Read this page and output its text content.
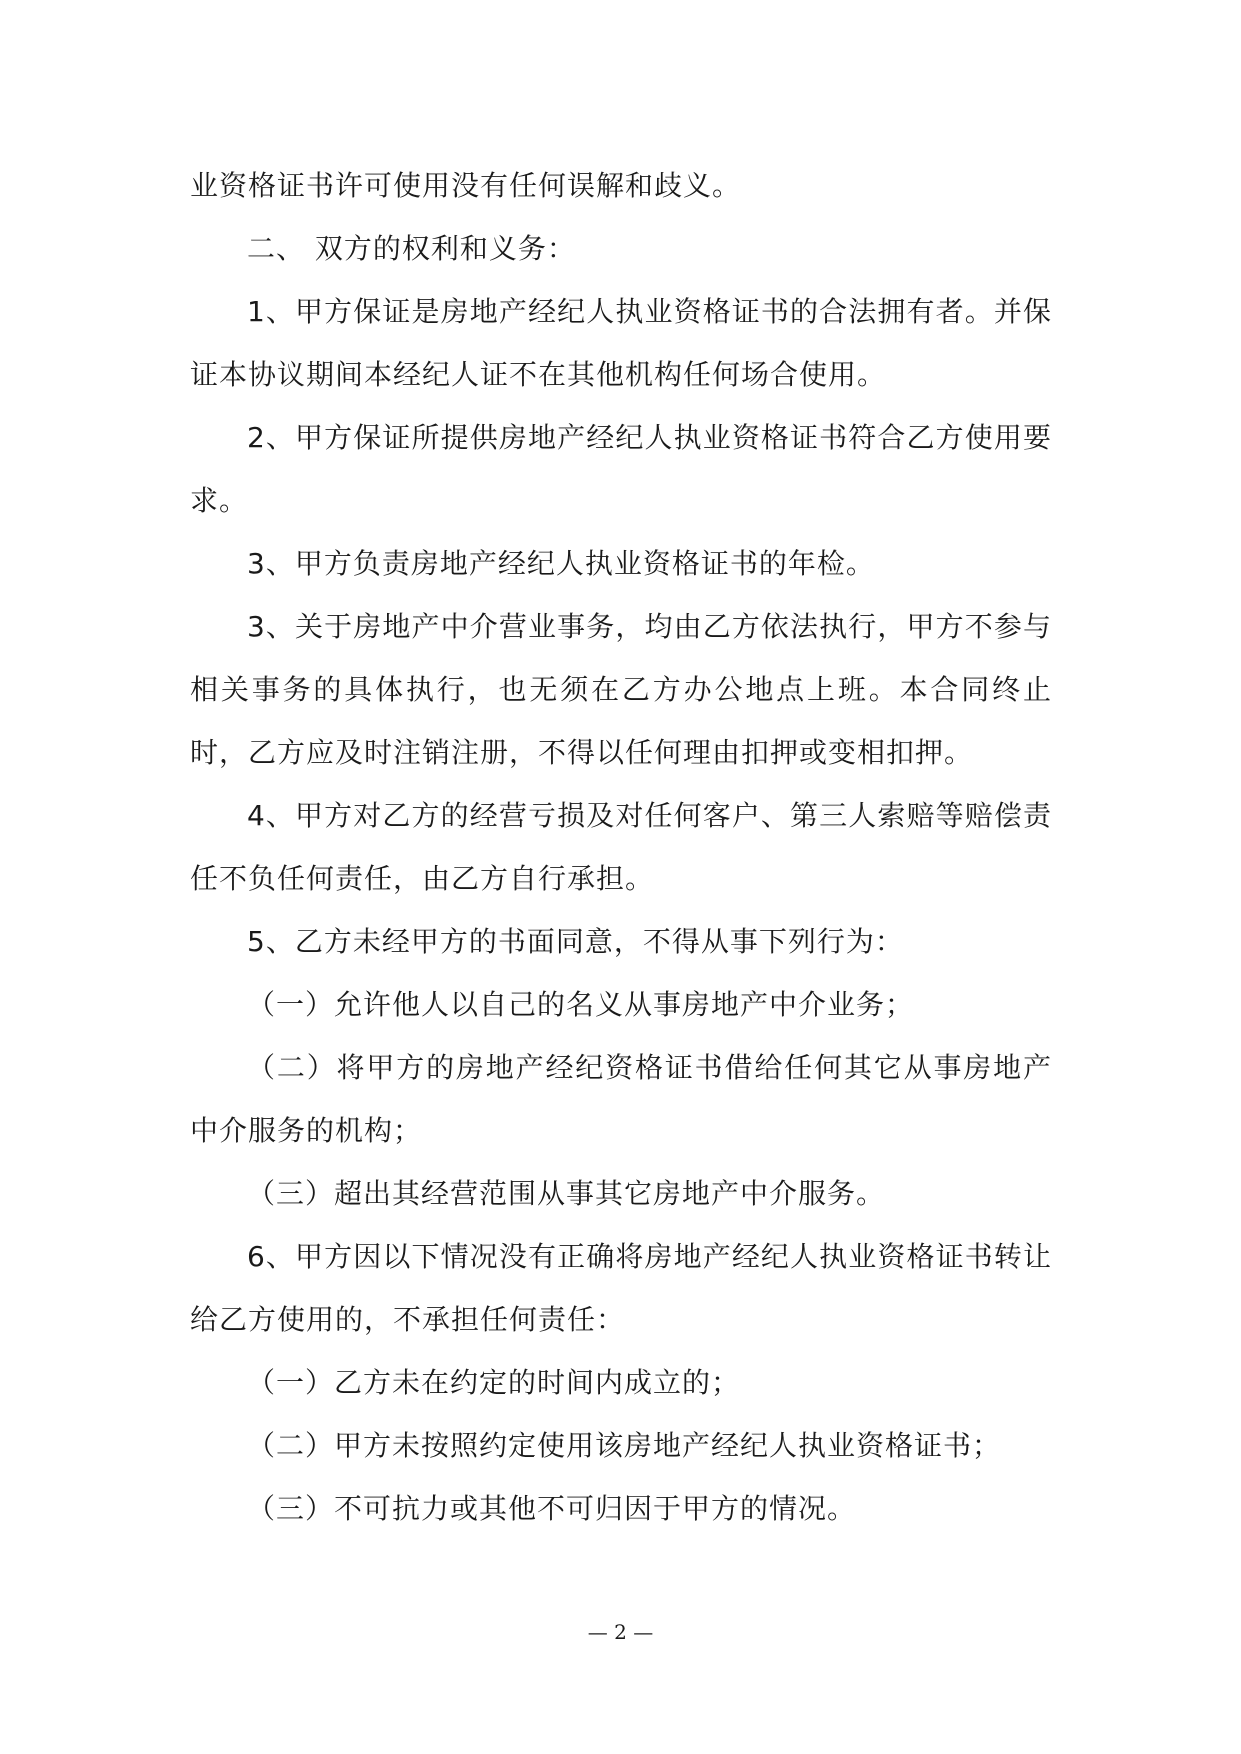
业资格证书许可使用没有任何误解和歧义。

二、 双方的权利和义务：

1、甲方保证是房地产经纪人执业资格证书的合法拥有者。并保证本协议期间本经纪人证不在其他机构任何场合使用。

2、甲方保证所提供房地产经纪人执业资格证书符合乙方使用要求。

3、甲方负责房地产经纪人执业资格证书的年检。

3、关于房地产中介营业事务，均由乙方依法执行，甲方不参与相关事务的具体执行，也无须在乙方办公地点上班。本合同终止时，乙方应及时注销注册，不得以任何理由扣押或变相扣押。

4、甲方对乙方的经营亏损及对任何客户、第三人索赔等赔偿责任不负任何责任，由乙方自行承担。

5、乙方未经甲方的书面同意，不得从事下列行为：

（一）允许他人以自己的名义从事房地产中介业务；

（二）将甲方的房地产经纪资格证书借给任何其它从事房地产中介服务的机构；

（三）超出其经营范围从事其它房地产中介服务。

6、甲方因以下情况没有正确将房地产经纪人执业资格证书转让给乙方使用的，不承担任何责任：

（一）乙方未在约定的时间内成立的；

（二）甲方未按照约定使用该房地产经纪人执业资格证书；

（三）不可抗力或其他不可归因于甲方的情况。

— 2 —
